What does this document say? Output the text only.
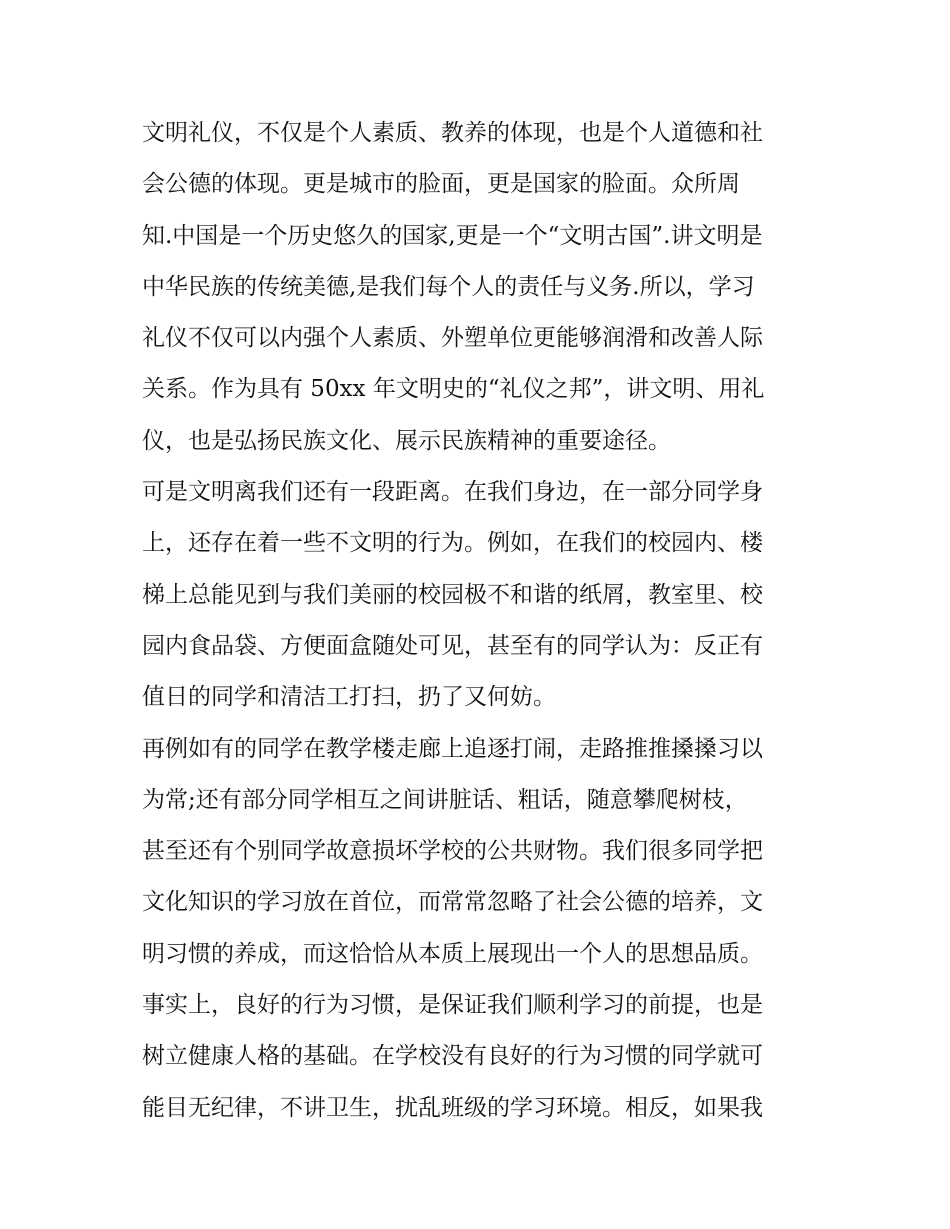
文明礼仪，不仅是个人素质、教养的体现，也是个人道德和社
会公德的体现。更是城市的脸面，更是国家的脸面。众所周
知.中国是一个历史悠久的国家,更是一个“文明古国”.讲文明是
中华民族的传统美德,是我们每个人的责任与义务.所以，学习
礼仪不仅可以内强个人素质、外塑单位更能够润滑和改善人际
关系。作为具有 50xx 年文明史的“礼仪之邦”，讲文明、用礼
仪，也是弘扬民族文化、展示民族精神的重要途径。
可是文明离我们还有一段距离。在我们身边，在一部分同学身
上，还存在着一些不文明的行为。例如，在我们的校园内、楼
梯上总能见到与我们美丽的校园极不和谐的纸屑，教室里、校
园内食品袋、方便面盒随处可见，甚至有的同学认为：反正有
值日的同学和清洁工打扫，扔了又何妨。
再例如有的同学在教学楼走廊上追逐打闹，走路推推搡搡习以
为常;还有部分同学相互之间讲脏话、粗话，随意攀爬树枝，
甚至还有个别同学故意损坏学校的公共财物。我们很多同学把
文化知识的学习放在首位，而常常忽略了社会公德的培养，文
明习惯的养成，而这恰恰从本质上展现出一个人的思想品质。
事实上，良好的行为习惯，是保证我们顺利学习的前提，也是
树立健康人格的基础。在学校没有良好的行为习惯的同学就可
能目无纪律，不讲卫生，扰乱班级的学习环境。相反，如果我
